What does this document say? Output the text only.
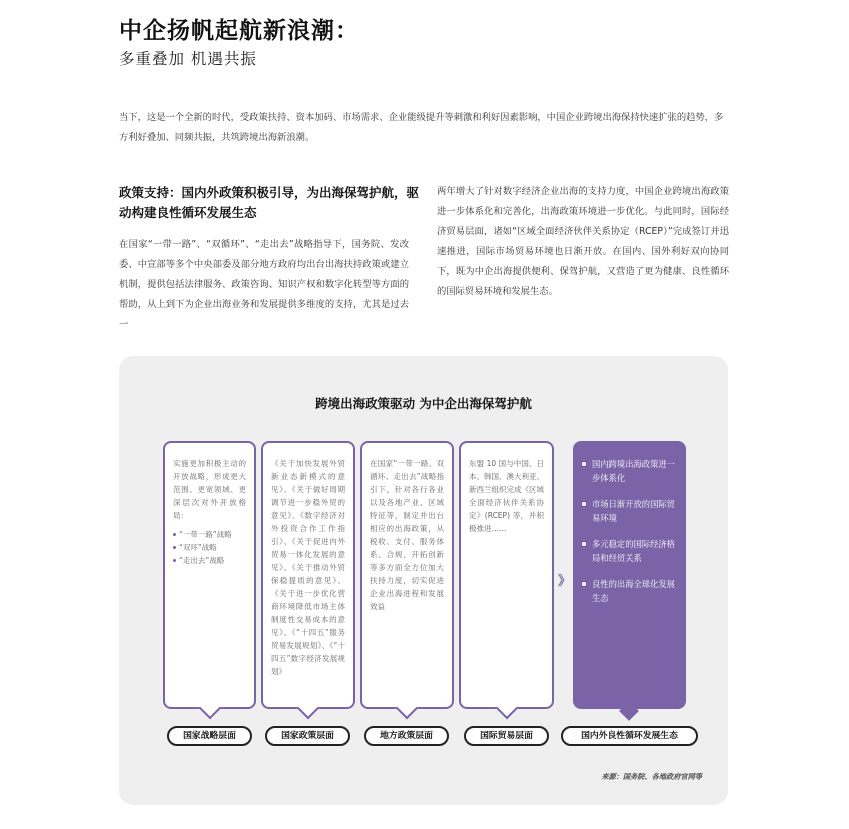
中企扬帆起航新浪潮：
多重叠加 机遇共振
当下，这是一个全新的时代，受政策扶持、资本加码、市场需求、企业能级提升等刺激和利好因素影响，中国企业跨境出海保持快速扩张的趋势，多方利好叠加、同频共振，共筑跨境出海新浪潮。
政策支持：国内外政策积极引导，为出海保驾护航，驱动构建良性循环发展生态
在国家“一带一路”、“双循环”、“走出去”战略指导下，国务院、发改委、中宣部等多个中央部委及部分地方政府均出台出海扶持政策或建立机制，提供包括法律服务、政策咨询、知识产权和数字化转型等方面的帮助，从上到下为企业出海业务和发展提供多维度的支持，尤其是过去一
两年增大了针对数字经济企业出海的支持力度，中国企业跨境出海政策进一步体系化和完善化，出海政策环境进一步优化。与此同时，国际经济贸易层面，诸如“区域全面经济伙伴关系协定（RCEP）”完成签订并迅速推进，国际市场贸易环境也日渐开放。在国内、国外利好双向协同下，既为中企出海提供便利、保驾护航，又营造了更为健康、良性循环的国际贸易环境和发展生态。
跨境出海政策驱动 为中企出海保驾护航
实施更加积极主动的开放战略，形成更大范围、更宽领域、更深层次对外开放格局：
“一带一路”战略
“双环”战略
“走出去”战略
《关于加快发展外贸新业态新模式的意见》、《关于做好周期调节进一步稳外贸的意见》、《数字经济对外投资合作工作指引》、《关于促进内外贸易一体化发展的意见》、《关于推动外贸保稳提质的意见》、《关于进一步优化营商环境降低市场主体制度性交易成本的意见》、《“十四五”服务贸易发展规划》、《“十四五”数字经济发展规划》
在国家“一带一路、双循环、走出去”战略指引下，针对各行各业以及各地产业、区域特征等，制定并出台相应的出海政策，从税收、支付、服务体系、合规、开拓创新等多方面全方位加大扶持力度，切实促进企业出海进程和发展效益
东盟 10 国与中国、日本、韩国、澳大利亚、新西兰组织完成《区域全面经济伙伴关系协定》(RCEP) 等，并积极推进……
》
国内跨境出海政策进一步体系化
市场日渐开放的国际贸易环境
多元稳定的国际经济格局和经贸关系
良性的出海全球化发展生态
国家战略层面	国家政策层面	地方政策层面	国际贸易层面	国内外良性循环发展生态
来源：国务院、各地政府官网等
